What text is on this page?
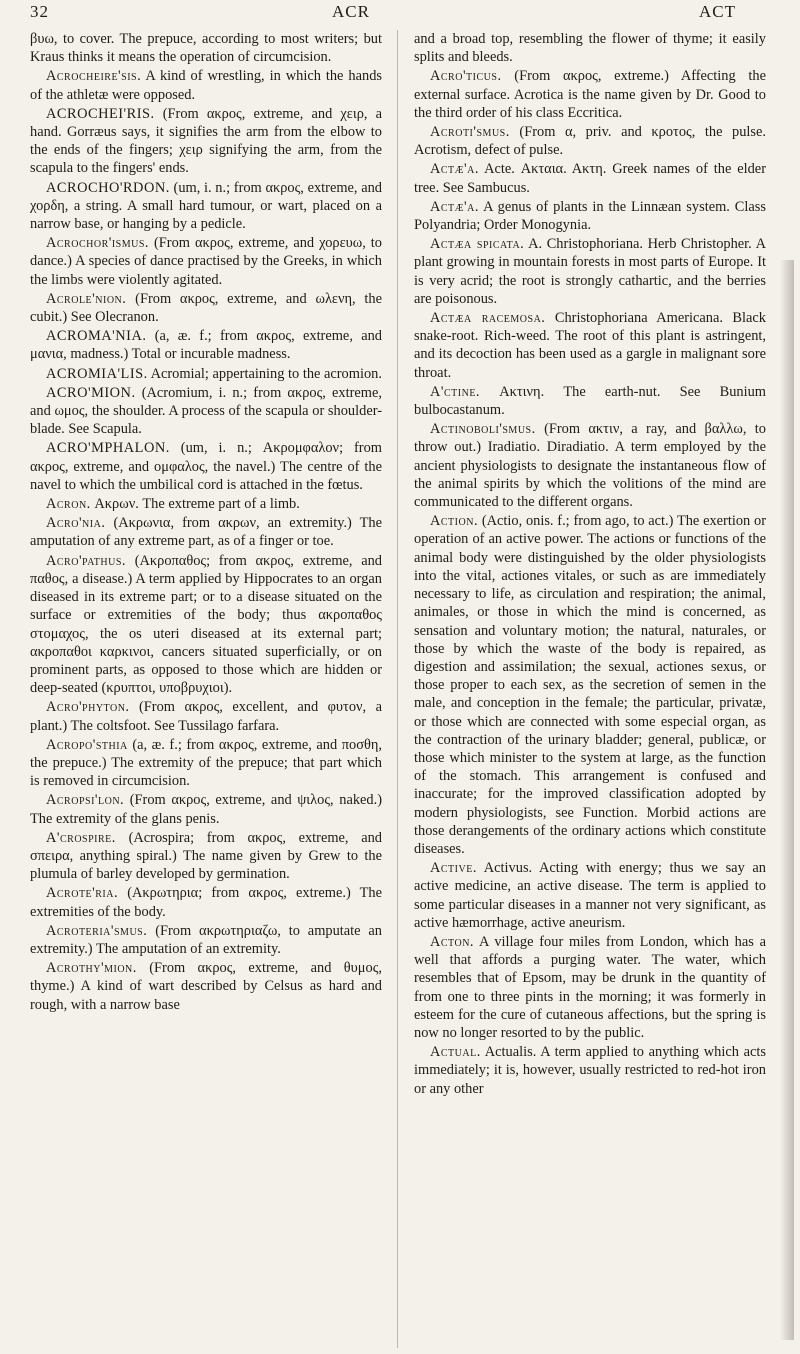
32	ACR	ACT

βυω, to cover. The prepuce, according to most writers; but Kraus thinks it means the operation of circumcision.

Acrocheire'sis. A kind of wrestling, in which the hands of the athletæ were opposed.

ACROCHEI'RIS. (From ακρος, extreme, and χειρ, a hand. Gorræus says, it signifies the arm from the elbow to the ends of the fingers; χειρ signifying the arm, from the scapula to the fingers' ends.

ACROCHO'RDON. (um, i. n.; from ακρος, extreme, and χορδη, a string. A small hard tumour, or wart, placed on a narrow base, or hanging by a pedicle.

Acrochor'ismus. (From ακρος, extreme, and χορευω, to dance.) A species of dance practised by the Greeks, in which the limbs were violently agitated.

Acrole'nion. (From ακρος, extreme, and ωλενη, the cubit.) See Olecranon.

ACROMA'NIA. (a, æ. f.; from ακρος, extreme, and μανια, madness.) Total or incurable madness.

ACROMIA'LIS. Acromial; appertaining to the acromion.

ACRO'MION. (Acromium, i. n.; from ακρος, extreme, and ωμος, the shoulder. A process of the scapula or shoulder-blade. See Scapula.

ACRO'MPHALON. (um, i. n.; Ακρομφαλον; from ακρος, extreme, and ομφαλος, the navel.) The centre of the navel to which the umbilical cord is attached in the fœtus.

Acron. Ακρων. The extreme part of a limb.

Acro'nia. (Ακρωνια, from ακρων, an extremity.) The amputation of any extreme part, as of a finger or toe.

Acro'pathus. (Ακροπαθος; from ακρος, extreme, and παθος, a disease.) A term applied by Hippocrates to an organ diseased in its extreme part; or to a disease situated on the surface or extremities of the body; thus ακροπαθος στομαχος, the os uteri diseased at its external part; ακροπαθοι καρκινοι, cancers situated superficially, or on prominent parts, as opposed to those which are hidden or deep-seated (κρυπτοι, υποβρυχιοι).

Acro'phyton. (From ακρος, excellent, and φυτον, a plant.) The coltsfoot. See Tussilago farfara.

Acropo'sthia (a, æ. f.; from ακρος, extreme, and ποσθη, the prepuce.) The extremity of the prepuce; that part which is removed in circumcision.

Acropsi'lon. (From ακρος, extreme, and ψιλος, naked.) The extremity of the glans penis.

A'crospire. (Acrospira; from ακρος, extreme, and σπειρα, anything spiral.) The name given by Grew to the plumula of barley developed by germination.

Acrote'ria. (Ακρωτηρια; from ακρος, extreme.) The extremities of the body.

Acroteria'smus. (From ακρωτηριαζω, to amputate an extremity.) The amputation of an extremity.

Acrothy'mion. (From ακρος, extreme, and θυμος, thyme.) A kind of wart described by Celsus as hard and rough, with a narrow base

and a broad top, resembling the flower of thyme; it easily splits and bleeds.

Acro'ticus. (From ακρος, extreme.) Affecting the external surface. Acrotica is the name given by Dr. Good to the third order of his class Eccritica.

Acroti'smus. (From α, priv. and κροτος, the pulse. Acrotism, defect of pulse.

Actæ'a. Acte. Ακταια. Ακτη. Greek names of the elder tree. See Sambucus.

Actæ'a. A genus of plants in the Linnæan system. Class Polyandria; Order Monogynia.

Actæa spicata. A. Christophoriana. Herb Christopher. A plant growing in mountain forests in most parts of Europe. It is very acrid; the root is strongly cathartic, and the berries are poisonous.

Actæa racemosa. Christophoriana Americana. Black snake-root. Rich-weed. The root of this plant is astringent, and its decoction has been used as a gargle in malignant sore throat.

A'ctine. Ακτινη. The earth-nut. See Bunium bulbocastanum.

Actinoboli'smus. (From ακτιν, a ray, and βαλλω, to throw out.) Iradiatio. Diradiatio. A term employed by the ancient physiologists to designate the instantaneous flow of the animal spirits by which the volitions of the mind are communicated to the different organs.

Action. (Actio, onis. f.; from ago, to act.) The exertion or operation of an active power. The actions or functions of the animal body were distinguished by the older physiologists into the vital, actiones vitales, or such as are immediately necessary to life, as circulation and respiration; the animal, animales, or those in which the mind is concerned, as sensation and voluntary motion; the natural, naturales, or those by which the waste of the body is repaired, as digestion and assimilation; the sexual, actiones sexus, or those proper to each sex, as the secretion of semen in the male, and conception in the female; the particular, privatæ, or those which are connected with some especial organ, as the contraction of the urinary bladder; general, publicæ, or those which minister to the system at large, as the function of the stomach. This arrangement is confused and inaccurate; for the improved classification adopted by modern physiologists, see Function. Morbid actions are those derangements of the ordinary actions which constitute diseases.

Active. Activus. Acting with energy; thus we say an active medicine, an active disease. The term is applied to some particular diseases in a manner not very significant, as active hæmorrhage, active aneurism.

Acton. A village four miles from London, which has a well that affords a purging water. The water, which resembles that of Epsom, may be drunk in the quantity of from one to three pints in the morning; it was formerly in esteem for the cure of cutaneous affections, but the spring is now no longer resorted to by the public.

Actual. Actualis. A term applied to anything which acts immediately; it is, however, usually restricted to red-hot iron or any other
